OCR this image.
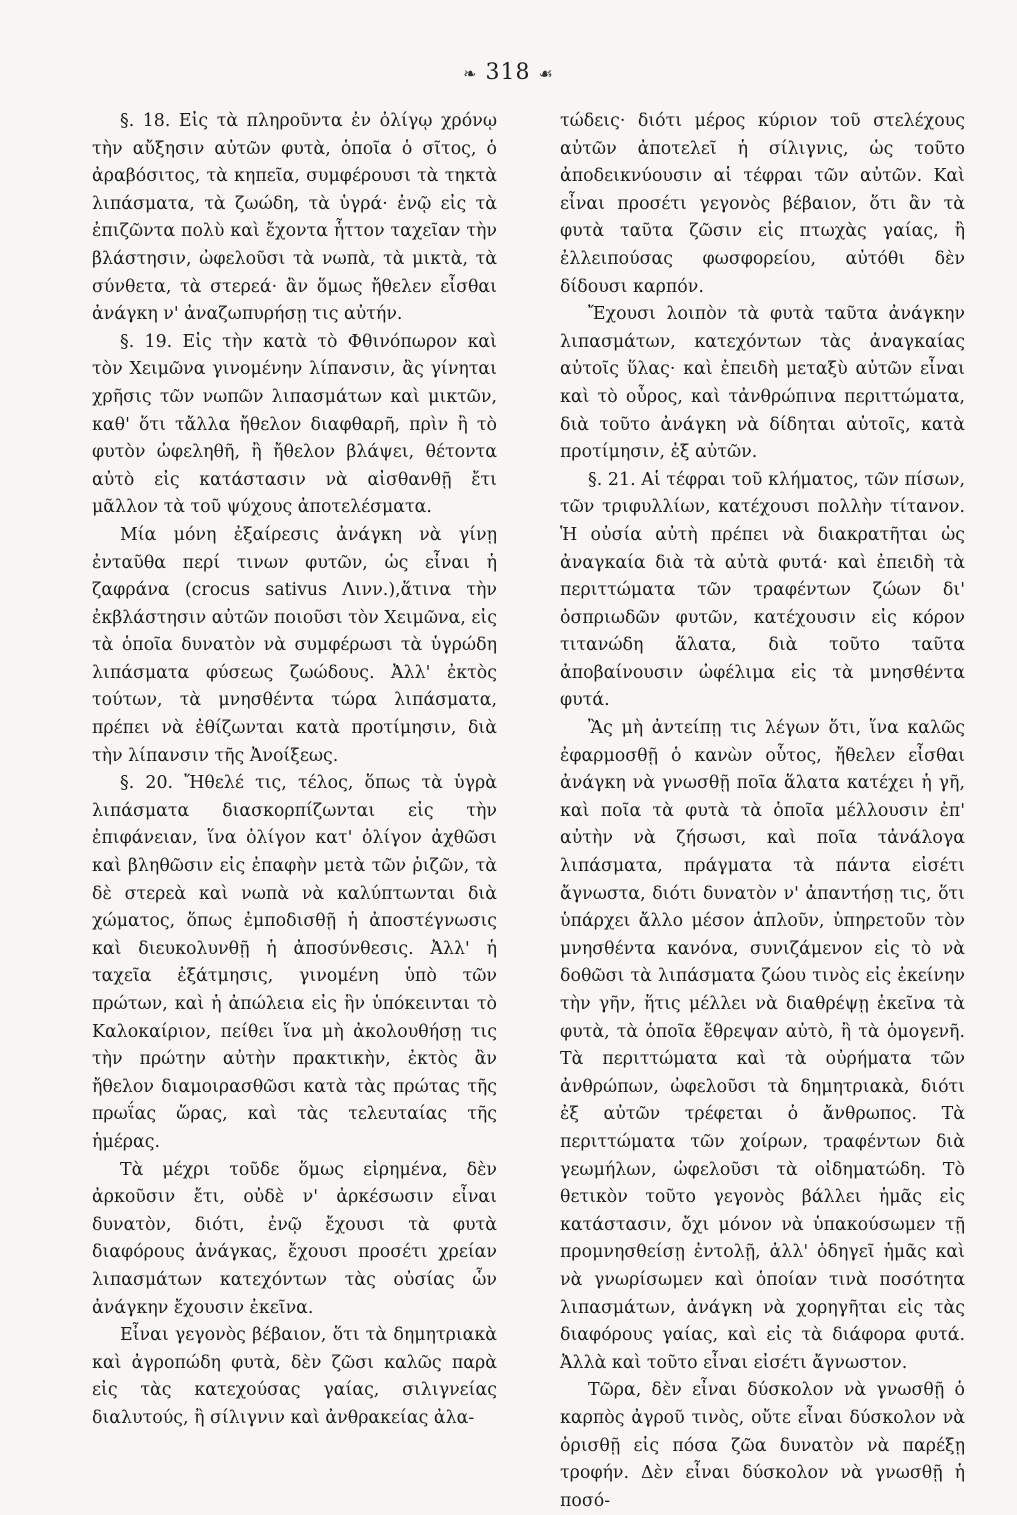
❧ 318 ☙

§. 18. Εἰς τὰ πληροῦντα ἐν ὀλίγῳ χρόνῳ τὴν αὔξησιν αὐτῶν φυτὰ, ὁποῖα ὁ σῖτος, ὁ ἀραβόσιτος, τὰ κηπεῖα, συμφέρουσι τὰ τηκτὰ λιπάσματα, τὰ ζωώδη, τὰ ὑγρά· ἐνῷ εἰς τὰ ἐπιζῶντα πολὺ καὶ ἔχοντα ἧττον ταχεῖαν τὴν βλάστησιν, ὠφελοῦσι τὰ νωπὰ, τὰ μικτὰ, τὰ σύνθετα, τὰ στερεά· ἂν ὅμως ἤθελεν εἶσθαι ἀνάγκη ν' ἀναζωπυρήσῃ τις αὐτήν.

§. 19. Εἰς τὴν κατὰ τὸ Φθινόπωρον καὶ τὸν Χειμῶνα γινομένην λίπανσιν, ἂς γίνηται χρῆσις τῶν νωπῶν λιπασμάτων καὶ μικτῶν, καθ' ὅτι τἄλλα ἤθελον διαφθαρῆ, πρὶν ἢ τὸ φυτὸν ὠφεληθῆ, ἢ ἤθελον βλάψει, θέτοντα αὐτὸ εἰς κατάστασιν νὰ αἰσθανθῇ ἔτι μᾶλλον τὰ τοῦ ψύχους ἀποτελέσματα.

Μία μόνη ἐξαίρεσις ἀνάγκη νὰ γίνῃ ἐνταῦθα περί τινων φυτῶν, ὡς εἶναι ἡ ζαφράνα (crocus sativus Λινν.),ἅτινα τὴν ἐκβλάστησιν αὐτῶν ποιοῦσι τὸν Χειμῶνα, εἰς τὰ ὁποῖα δυνατὸν νὰ συμφέρωσι τὰ ὑγρώδη λιπάσματα φύσεως ζωώδους. Ἀλλ' ἐκτὸς τούτων, τὰ μνησθέντα τώρα λιπάσματα, πρέπει νὰ ἐθίζωνται κατὰ προτίμησιν, διὰ τὴν λίπανσιν τῆς Ἀνοίξεως.

§. 20. Ἤθελέ τις, τέλος, ὅπως τὰ ὑγρὰ λιπάσματα διασκορπίζωνται εἰς τὴν ἐπιφάνειαν, ἵνα ὀλίγον κατ' ὀλίγον ἀχθῶσι καὶ βληθῶσιν εἰς ἐπαφὴν μετὰ τῶν ῥιζῶν, τὰ δὲ στερεὰ καὶ νωπὰ νὰ καλύπτωνται διὰ χώματος, ὅπως ἐμποδισθῇ ἡ ἀποστέγνωσις καὶ διευκολυνθῇ ἡ ἀποσύνθεσις. Ἀλλ' ἡ ταχεῖα ἐξάτμησις, γινομένη ὑπὸ τῶν πρώτων, καὶ ἡ ἀπώλεια εἰς ἣν ὑπόκεινται τὸ Καλοκαίριον, πείθει ἵνα μὴ ἀκολουθήσῃ τις τὴν πρώτην αὐτὴν πρακτικὴν, ἐκτὸς ἂν ἤθελον διαμοιρασθῶσι κατὰ τὰς πρώτας τῆς πρωΐας ὥρας, καὶ τὰς τελευταίας τῆς ἡμέρας.

Τὰ μέχρι τοῦδε ὅμως εἰρημένα, δὲν ἀρκοῦσιν ἔτι, οὐδὲ ν' ἀρκέσωσιν εἶναι δυνατὸν, διότι, ἐνῷ ἔχουσι τὰ φυτὰ διαφόρους ἀνάγκας, ἔχουσι προσέτι χρείαν λιπασμάτων κατεχόντων τὰς οὐσίας ὧν ἀνάγκην ἔχουσιν ἐκεῖνα.

Εἶναι γεγονὸς βέβαιον, ὅτι τὰ δημητριακὰ καὶ ἀγροπώδη φυτὰ, δὲν ζῶσι καλῶς παρὰ εἰς τὰς κατεχούσας γαίας, σιλιγνείας διαλυτούς, ἢ σίλιγνιν καὶ ἀνθρακείας ἀλα-

τώδεις· διότι μέρος κύριον τοῦ στελέχους αὐτῶν ἀποτελεῖ ἡ σίλιγνις, ὡς τοῦτο ἀποδεικνύουσιν αἱ τέφραι τῶν αὐτῶν. Καὶ εἶναι προσέτι γεγονὸς βέβαιον, ὅτι ἂν τὰ φυτὰ ταῦτα ζῶσιν εἰς πτωχὰς γαίας, ἢ ἐλλειπούσας φωσφορείου, αὐτόθι δὲν δίδουσι καρπόν.

Ἔχουσι λοιπὸν τὰ φυτὰ ταῦτα ἀνάγκην λιπασμάτων, κατεχόντων τὰς ἀναγκαίας αὐτοῖς ὕλας· καὶ ἐπειδὴ μεταξὺ αὐτῶν εἶναι καὶ τὸ οὖρος, καὶ τἀνθρώπινα περιττώματα, διὰ τοῦτο ἀνάγκη νὰ δίδηται αὐτοῖς, κατὰ προτίμησιν, ἐξ αὐτῶν.

§. 21. Αἱ τέφραι τοῦ κλήματος, τῶν πίσων, τῶν τριφυλλίων, κατέχουσι πολλὴν τίτανον. Ἡ οὐσία αὐτὴ πρέπει νὰ διακρατῆται ὡς ἀναγκαία διὰ τὰ αὐτὰ φυτά· καὶ ἐπειδὴ τὰ περιττώματα τῶν τραφέντων ζώων δι' ὀσπριωδῶν φυτῶν, κατέχουσιν εἰς κόρον τιτανώδη ἅλατα, διὰ τοῦτο ταῦτα ἀποβαίνουσιν ὠφέλιμα εἰς τὰ μνησθέντα φυτά.

Ἂς μὴ ἀντείπῃ τις λέγων ὅτι, ἵνα καλῶς ἐφαρμοσθῇ ὁ κανὼν οὗτος, ἤθελεν εἶσθαι ἀνάγκη νὰ γνωσθῇ ποῖα ἅλατα κατέχει ἡ γῆ, καὶ ποῖα τὰ φυτὰ τὰ ὁποῖα μέλλουσιν ἐπ' αὐτὴν νὰ ζήσωσι, καὶ ποῖα τἀνάλογα λιπάσματα, πράγματα τὰ πάντα εἰσέτι ἄγνωστα, διότι δυνατὸν ν' ἀπαντήσῃ τις, ὅτι ὑπάρχει ἄλλο μέσον ἁπλοῦν, ὑπηρετοῦν τὸν μνησθέντα κανόνα, συνιζάμενον εἰς τὸ νὰ δοθῶσι τὰ λιπάσματα ζώου τινὸς εἰς ἐκείνην τὴν γῆν, ἥτις μέλλει νὰ διαθρέψῃ ἐκεῖνα τὰ φυτὰ, τὰ ὁποῖα ἔθρεψαν αὐτὸ, ἢ τὰ ὁμογενῆ. Τὰ περιττώματα καὶ τὰ οὐρήματα τῶν ἀνθρώπων, ὠφελοῦσι τὰ δημητριακὰ, διότι ἐξ αὐτῶν τρέφεται ὁ ἄνθρωπος. Τὰ περιττώματα τῶν χοίρων, τραφέντων διὰ γεωμήλων, ὠφελοῦσι τὰ οἰδηματώδη. Τὸ θετικὸν τοῦτο γεγονὸς βάλλει ἡμᾶς εἰς κατάστασιν, ὄχι μόνον νὰ ὑπακούσωμεν τῇ προμνησθείσῃ ἐντολῇ, ἀλλ' ὁδηγεῖ ἡμᾶς καὶ νὰ γνωρίσωμεν καὶ ὁποίαν τινὰ ποσότητα λιπασμάτων, ἀνάγκη νὰ χορηγῆται εἰς τὰς διαφόρους γαίας, καὶ εἰς τὰ διάφορα φυτά. Ἀλλὰ καὶ τοῦτο εἶναι εἰσέτι ἄγνωστον.

Τῶρα, δὲν εἶναι δύσκολον νὰ γνωσθῇ ὁ καρπὸς ἀγροῦ τινὸς, οὔτε εἶναι δύσκολον νὰ ὁρισθῇ εἰς πόσα ζῶα δυνατὸν νὰ παρέξῃ τροφήν. Δὲν εἶναι δύσκολον νὰ γνωσθῇ ἡ ποσό-
